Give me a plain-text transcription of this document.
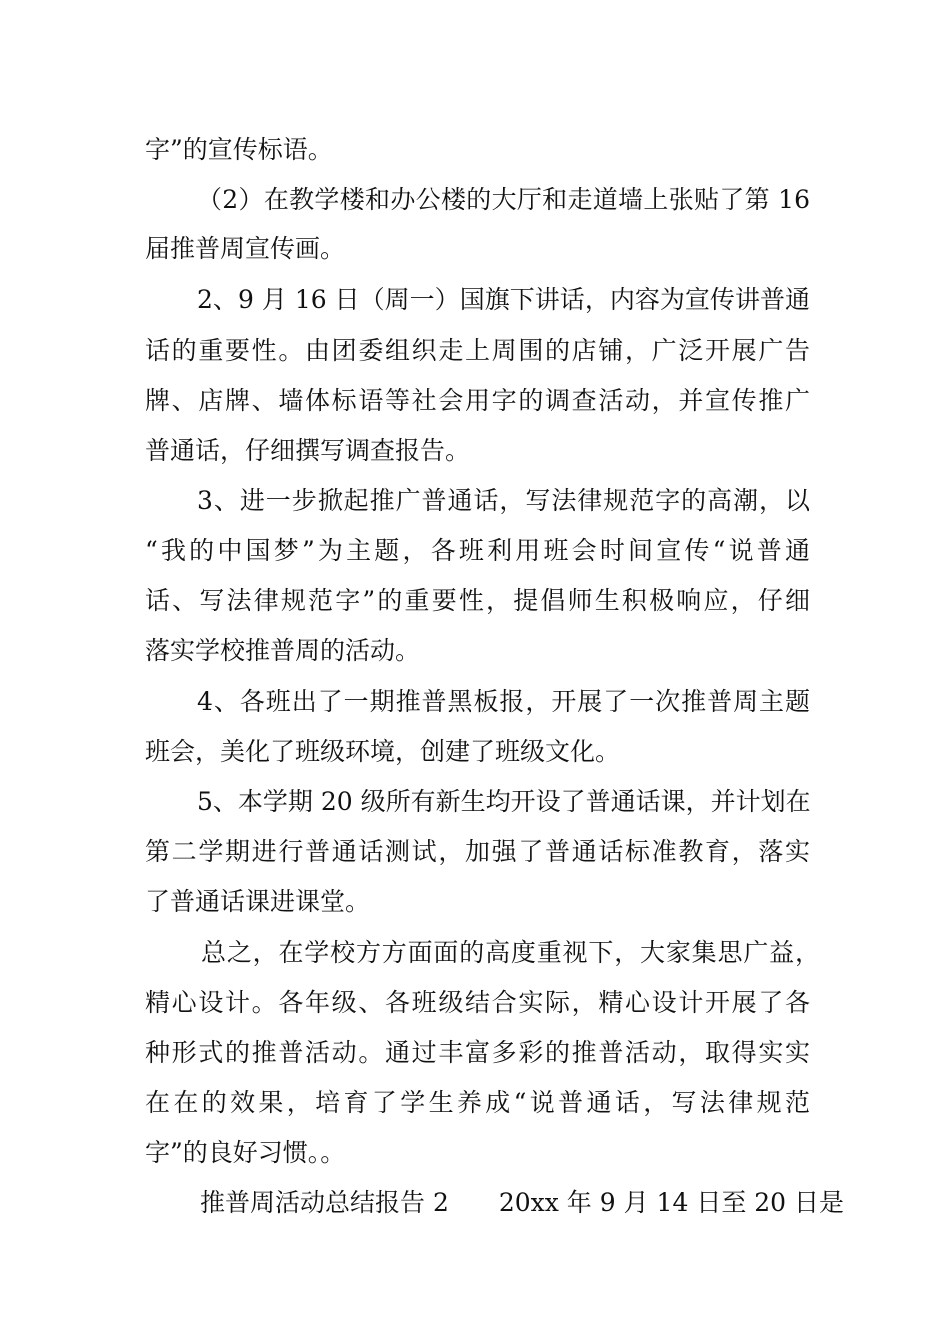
字”的宣传标语。
（2）在教学楼和办公楼的大厅和走道墙上张贴了第 16
届推普周宣传画。
2、9 月 16 日（周一）国旗下讲话，内容为宣传讲普通
话的重要性。由团委组织走上周围的店铺，广泛开展广告
牌、店牌、墙体标语等社会用字的调查活动，并宣传推广
普通话，仔细撰写调查报告。
3、进一步掀起推广普通话，写法律规范字的高潮，以
“我的中国梦”为主题，各班利用班会时间宣传“说普通
话、写法律规范字”的重要性，提倡师生积极响应，仔细
落实学校推普周的活动。
4、各班出了一期推普黑板报，开展了一次推普周主题
班会，美化了班级环境，创建了班级文化。
5、本学期 20 级所有新生均开设了普通话课，并计划在
第二学期进行普通话测试，加强了普通话标准教育，落实
了普通话课进课堂。
总之，在学校方方面面的高度重视下，大家集思广益，
精心设计。各年级、各班级结合实际，精心设计开展了各
种形式的推普活动。通过丰富多彩的推普活动，取得实实
在在的效果，培育了学生养成“说普通话，写法律规范
字”的良好习惯。。
推普周活动总结报告 2　　20xx 年 9 月 14 日至 20 日是
